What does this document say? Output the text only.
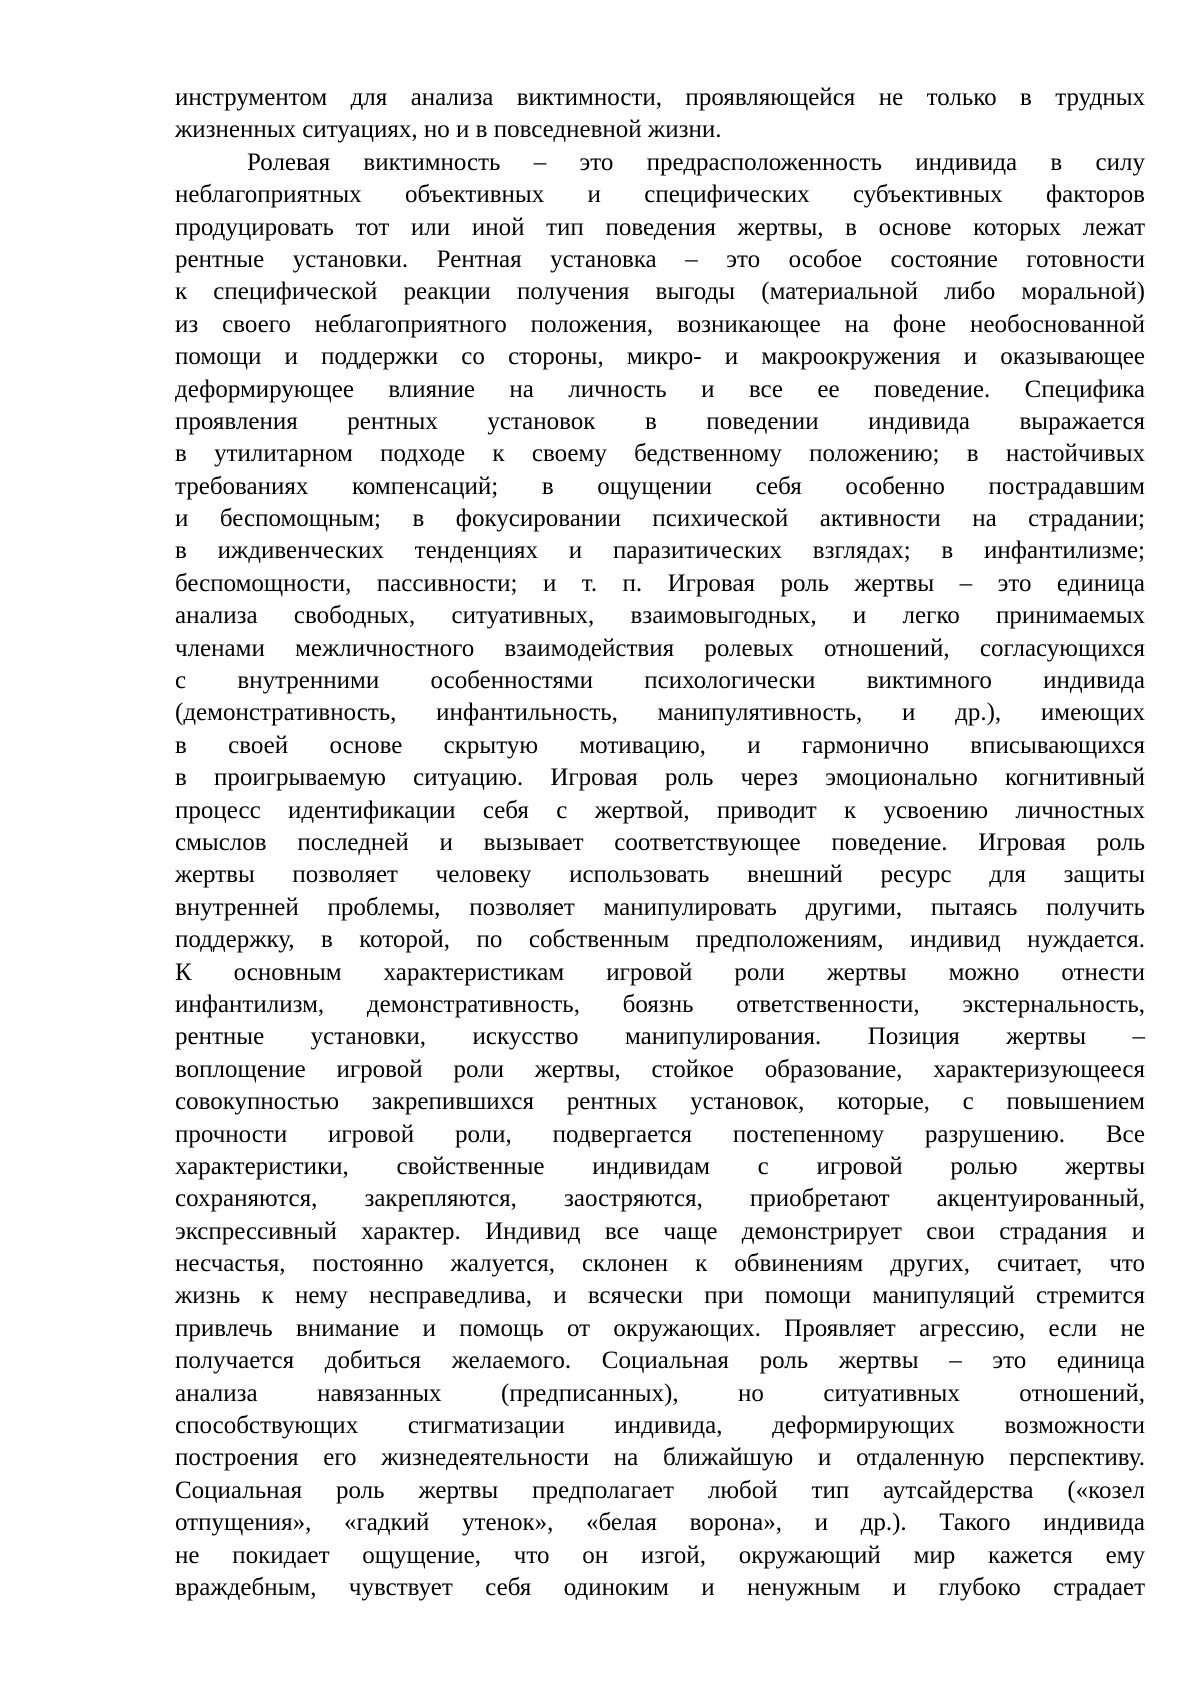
инструментом для анализа виктимности, проявляющейся не только в трудных
жизненных ситуациях, но и в повседневной жизни.
Ролевая виктимность – это предрасположенность индивида в силу
неблагоприятных объективных и специфических субъективных факторов
продуцировать тот или иной тип поведения жертвы, в основе которых лежат
рентные установки. Рентная установка – это особое состояние готовности
к специфической реакции получения выгоды (материальной либо моральной)
из своего неблагоприятного положения, возникающее на фоне необоснованной
помощи и поддержки со стороны, микро- и макроокружения и оказывающее
деформирующее влияние на личность и все ее поведение. Специфика
проявления рентных установок в поведении индивида выражается
в утилитарном подходе к своему бедственному положению; в настойчивых
требованиях компенсаций; в ощущении себя особенно пострадавшим
и беспомощным; в фокусировании психической активности на страдании;
в иждивенческих тенденциях и паразитических взглядах; в инфантилизме;
беспомощности, пассивности; и т. п. Игровая роль жертвы – это единица
анализа свободных, ситуативных, взаимовыгодных, и легко принимаемых
членами межличностного взаимодействия ролевых отношений, согласующихся
с внутренними особенностями психологически виктимного индивида
(демонстративность, инфантильность, манипулятивность, и др.), имеющих
в своей основе скрытую мотивацию, и гармонично вписывающихся
в проигрываемую ситуацию. Игровая роль через эмоционально когнитивный
процесс идентификации себя с жертвой, приводит к усвоению личностных
смыслов последней и вызывает соответствующее поведение. Игровая роль
жертвы позволяет человеку использовать внешний ресурс для защиты
внутренней проблемы, позволяет манипулировать другими, пытаясь получить
поддержку, в которой, по собственным предположениям, индивид нуждается.
К основным характеристикам игровой роли жертвы можно отнести
инфантилизм, демонстративность, боязнь ответственности, экстернальность,
рентные установки, искусство манипулирования. Позиция жертвы –
воплощение игровой роли жертвы, стойкое образование, характеризующееся
совокупностью закрепившихся рентных установок, которые, с повышением
прочности игровой роли, подвергается постепенному разрушению. Все
характеристики, свойственные индивидам с игровой ролью жертвы
сохраняются, закрепляются, заостряются, приобретают акцентуированный,
экспрессивный характер. Индивид все чаще демонстрирует свои страдания и
несчастья, постоянно жалуется, склонен к обвинениям других, считает, что
жизнь к нему несправедлива, и всячески при помощи манипуляций стремится
привлечь внимание и помощь от окружающих. Проявляет агрессию, если не
получается добиться желаемого. Социальная роль жертвы – это единица
анализа навязанных (предписанных), но ситуативных отношений,
способствующих стигматизации индивида, деформирующих возможности
построения его жизнедеятельности на ближайшую и отдаленную перспективу.
Социальная роль жертвы предполагает любой тип аутсайдерства («козел
отпущения», «гадкий утенок», «белая ворона», и др.). Такого индивида
не покидает ощущение, что он изгой, окружающий мир кажется ему
враждебным, чувствует себя одиноким и ненужным и глубоко страдает
